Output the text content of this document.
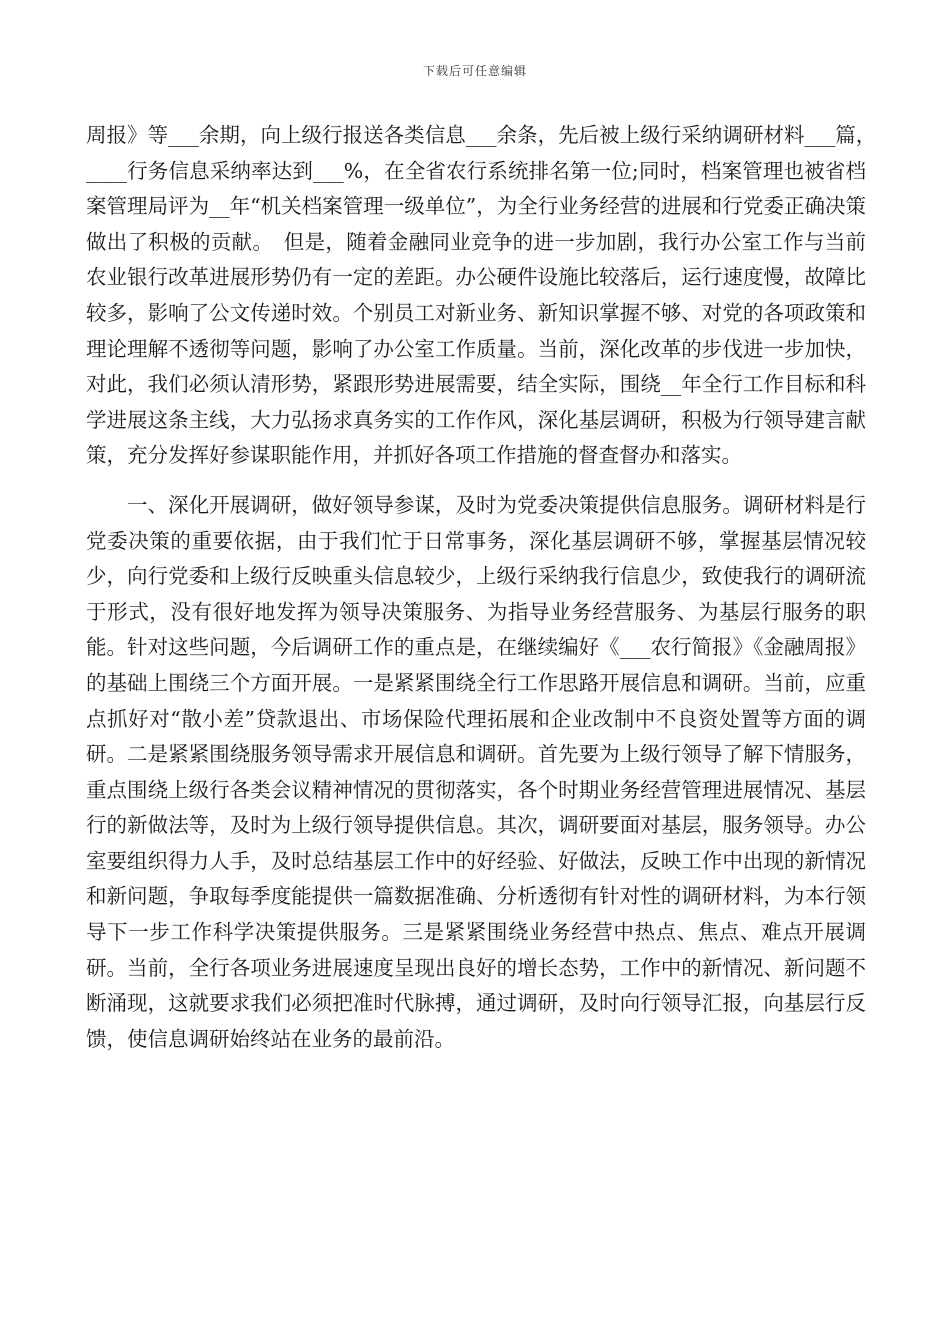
下载后可任意编辑

周报》等___余期，向上级行报送各类信息___余条，先后被上级行采纳调研材料___篇，　____行务信息采纳率达到___%，在全省农行系统排名第一位;同时，档案管理也被省档案管理局评为__年“机关档案管理一级单位”，为全行业务经营的进展和行党委正确决策做出了积极的贡献。　但是，随着金融同业竞争的进一步加剧，我行办公室工作与当前农业银行改革进展形势仍有一定的差距。办公硬件设施比较落后，运行速度慢，故障比较多，影响了公文传递时效。个别员工对新业务、新知识掌握不够、对党的各项政策和理论理解不透彻等问题，影响了办公室工作质量。当前，深化改革的步伐进一步加快，对此，我们必须认清形势，紧跟形势进展需要，结全实际，围绕__年全行工作目标和科学进展这条主线，大力弘扬求真务实的工作作风，深化基层调研，积极为行领导建言献策，充分发挥好参谋职能作用，并抓好各项工作措施的督查督办和落实。

一、深化开展调研，做好领导参谋，及时为党委决策提供信息服务。调研材料是行党委决策的重要依据，由于我们忙于日常事务，深化基层调研不够，掌握基层情况较少，向行党委和上级行反映重头信息较少，上级行采纳我行信息少，致使我行的调研流于形式，没有很好地发挥为领导决策服务、为指导业务经营服务、为基层行服务的职能。针对这些问题，今后调研工作的重点是，在继续编好《___农行简报》《金融周报》的基础上围绕三个方面开展。一是紧紧围绕全行工作思路开展信息和调研。当前，应重点抓好对“散小差”贷款退出、市场保险代理拓展和企业改制中不良资处置等方面的调研。二是紧紧围绕服务领导需求开展信息和调研。首先要为上级行领导了解下情服务，重点围绕上级行各类会议精神情况的贯彻落实，各个时期业务经营管理进展情况、基层行的新做法等，及时为上级行领导提供信息。其次，调研要面对基层，服务领导。办公室要组织得力人手，及时总结基层工作中的好经验、好做法，反映工作中出现的新情况和新问题，争取每季度能提供一篇数据准确、分析透彻有针对性的调研材料，为本行领导下一步工作科学决策提供服务。三是紧紧围绕业务经营中热点、焦点、难点开展调研。当前，全行各项业务进展速度呈现出良好的增长态势，工作中的新情况、新问题不断涌现，这就要求我们必须把准时代脉搏，通过调研，及时向行领导汇报，向基层行反馈，使信息调研始终站在业务的最前沿。
